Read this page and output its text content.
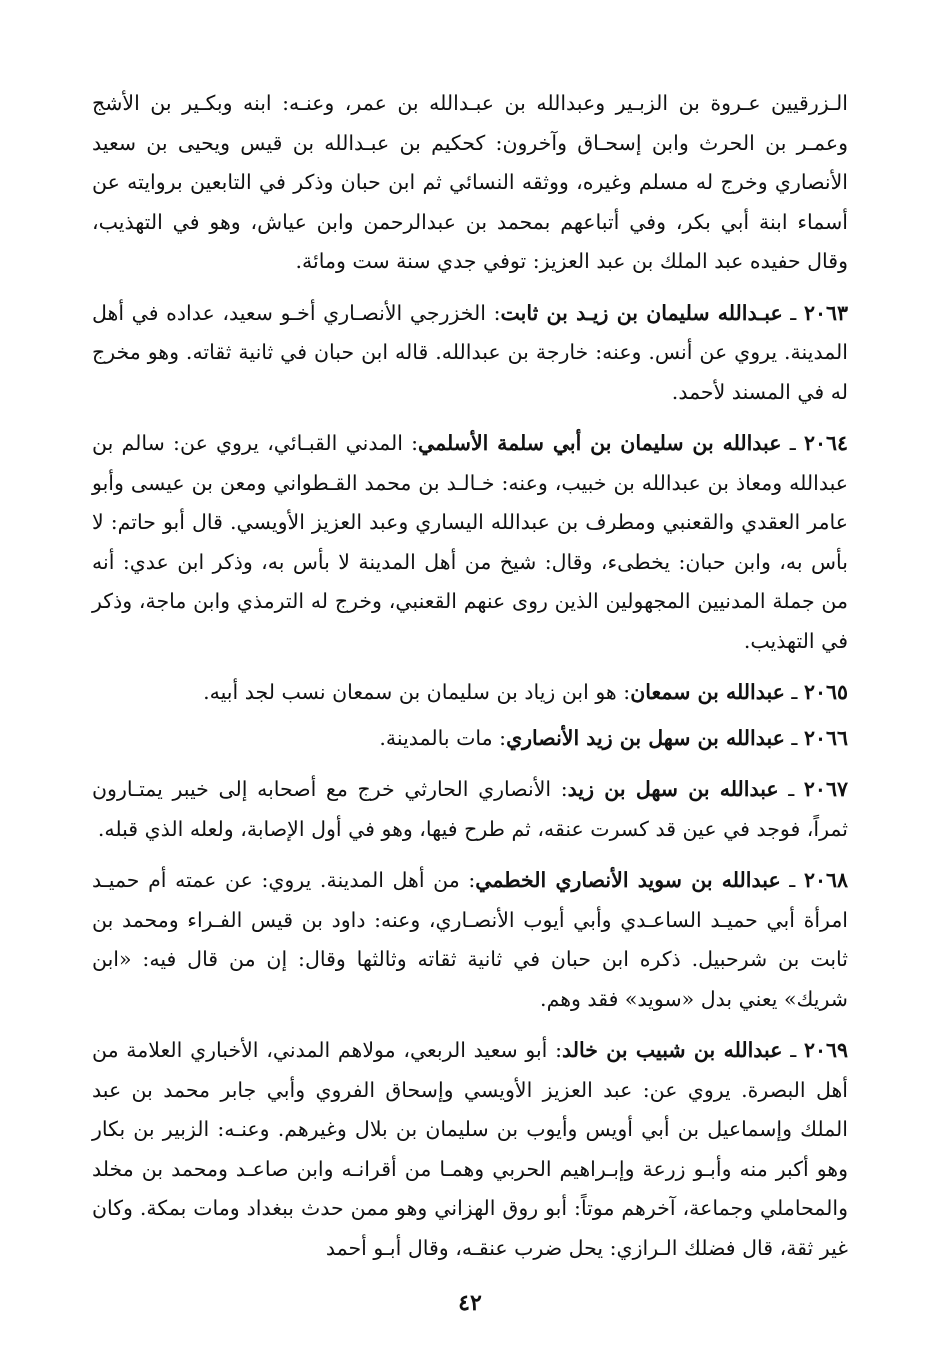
الـزرقيين عـروة بن الزبـير وعبدالله بن عبـدالله بن عمر، وعنـه: ابنه وبكـير بن الأشج وعمـر بن الحرث وابن إسحـاق وآخرون: كحكيم بن عبـدالله بن قيس ويحيى بن سعيد الأنصاري وخرج له مسلم وغيره، ووثقه النسائي ثم ابن حبان وذكر في التابعين بروايته عن أسماء ابنة أبي بكر، وفي أتباعهم بمحمد بن عبدالرحمن وابن عياش، وهو في التهذيب، وقال حفيده عبد الملك بن عبد العزيز: توفي جدي سنة ست ومائة.

٢٠٦٣ ـ عبـدالله سليمان بن زيـد بن ثابت: الخزرجي الأنصـاري أخـو سعيد، عداده في أهل المدينة. يروي عن أنس. وعنه: خارجة بن عبدالله. قاله ابن حبان في ثانية ثقاته. وهو مخرج له في المسند لأحمد.

٢٠٦٤ ـ عبدالله بن سليمان بن أبي سلمة الأسلمي: المدني القبـائي، يروي عن: سالم بن عبدالله ومعاذ بن عبدالله بن خبيب، وعنه: خـالـد بن محمد القـطواني ومعن بن عيسى وأبو عامر العقدي والقعنبي ومطرف بن عبدالله اليساري وعبد العزيز الأويسي. قال أبو حاتم: لا بأس به، وابن حبان: يخطىء، وقال: شيخ من أهل المدينة لا بأس به، وذكر ابن عدي: أنه من جملة المدنيين المجهولين الذين روى عنهم القعنبي، وخرج له الترمذي وابن ماجة، وذكر في التهذيب.

٢٠٦٥ ـ عبدالله بن سمعان: هو ابن زياد بن سليمان بن سمعان نسب لجد أبيه.

٢٠٦٦ ـ عبدالله بن سهل بن زيد الأنصاري: مات بالمدينة.

٢٠٦٧ ـ عبدالله بن سهل بن زيد: الأنصاري الحارثي خرج مع أصحابه إلى خيبر يمتـارون ثمراً، فوجد في عين قد كسرت عنقه، ثم طرح فيها، وهو في أول الإصابة، ولعله الذي قبله.

٢٠٦٨ ـ عبدالله بن سويد الأنصاري الخطمي: من أهل المدينة. يروي: عن عمته أم حميـد امرأة أبي حميـد الساعـدي وأبي أيوب الأنصـاري، وعنه: داود بن قيس الفـراء ومحمد بن ثابت بن شرحبيل. ذكره ابن حبان في ثانية ثقاته وثالثها وقال: إن من قال فيه: «ابن شريك» يعني بدل «سويد» فقد وهم.

٢٠٦٩ ـ عبدالله بن شبيب بن خالد: أبو سعيد الربعي، مولاهم المدني، الأخباري العلامة من أهل البصرة. يروي عن: عبد العزيز الأويسي وإسحاق الفروي وأبي جابر محمد بن عبد الملك وإسماعيل بن أبي أويس وأيوب بن سليمان بن بلال وغيرهم. وعنـه: الزبير بن بكار وهو أكبر منه وأبـو زرعة وإبـراهيم الحربي وهمـا من أقرانـه وابن صاعـد ومحمد بن مخلد والمحاملي وجماعة، آخرهم موتاً: أبو روق الهزاني وهو ممن حدث ببغداد ومات بمكة. وكان غير ثقة، قال فضلك الـرازي: يحل ضرب عنقـه، وقال أبـو أحمد

٤٢
